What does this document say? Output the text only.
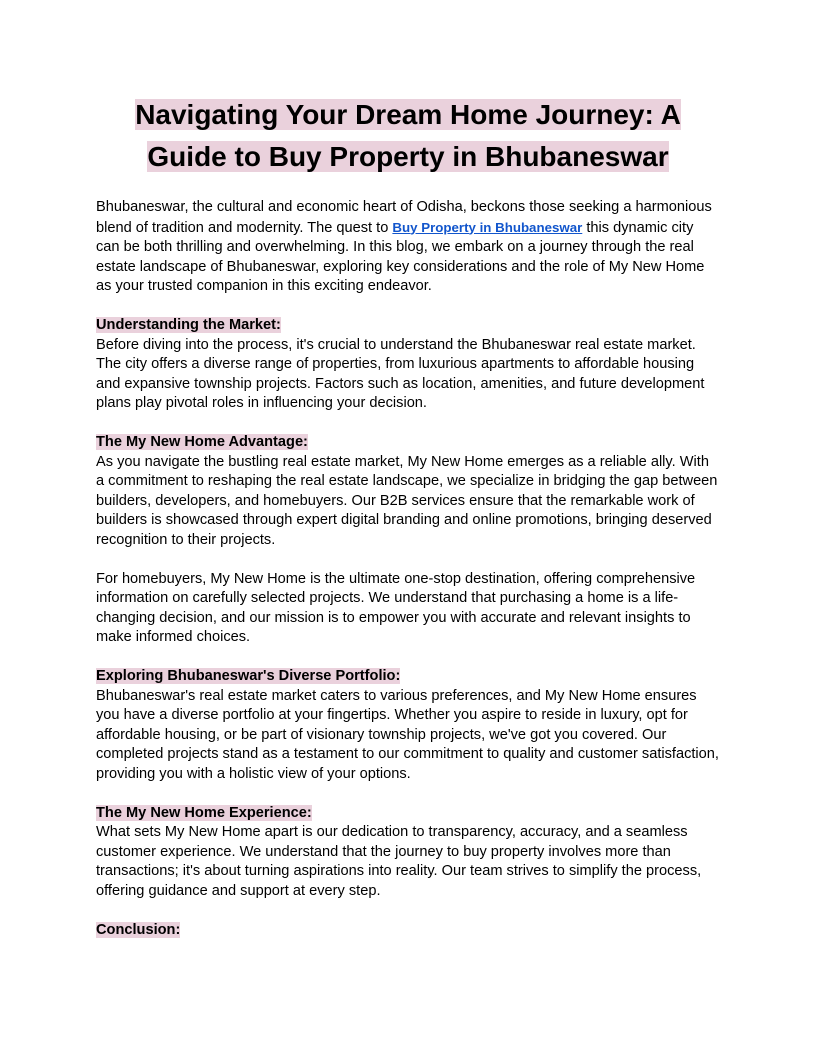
Navigating Your Dream Home Journey: A
Guide to Buy Property in Bhubaneswar

Bhubaneswar, the cultural and economic heart of Odisha, beckons those seeking a harmonious blend of tradition and modernity. The quest to Buy Property in Bhubaneswar this dynamic city can be both thrilling and overwhelming. In this blog, we embark on a journey through the real estate landscape of Bhubaneswar, exploring key considerations and the role of My New Home as your trusted companion in this exciting endeavor.

Understanding the Market:

Before diving into the process, it's crucial to understand the Bhubaneswar real estate market. The city offers a diverse range of properties, from luxurious apartments to affordable housing and expansive township projects. Factors such as location, amenities, and future development plans play pivotal roles in influencing your decision.

The My New Home Advantage:

As you navigate the bustling real estate market, My New Home emerges as a reliable ally. With a commitment to reshaping the real estate landscape, we specialize in bridging the gap between builders, developers, and homebuyers. Our B2B services ensure that the remarkable work of builders is showcased through expert digital branding and online promotions, bringing deserved recognition to their projects.

For homebuyers, My New Home is the ultimate one-stop destination, offering comprehensive information on carefully selected projects. We understand that purchasing a home is a life-changing decision, and our mission is to empower you with accurate and relevant insights to make informed choices.

Exploring Bhubaneswar's Diverse Portfolio:

Bhubaneswar's real estate market caters to various preferences, and My New Home ensures you have a diverse portfolio at your fingertips. Whether you aspire to reside in luxury, opt for affordable housing, or be part of visionary township projects, we've got you covered. Our completed projects stand as a testament to our commitment to quality and customer satisfaction, providing you with a holistic view of your options.

The My New Home Experience:

What sets My New Home apart is our dedication to transparency, accuracy, and a seamless customer experience. We understand that the journey to buy property involves more than transactions; it's about turning aspirations into reality. Our team strives to simplify the process, offering guidance and support at every step.

Conclusion:
